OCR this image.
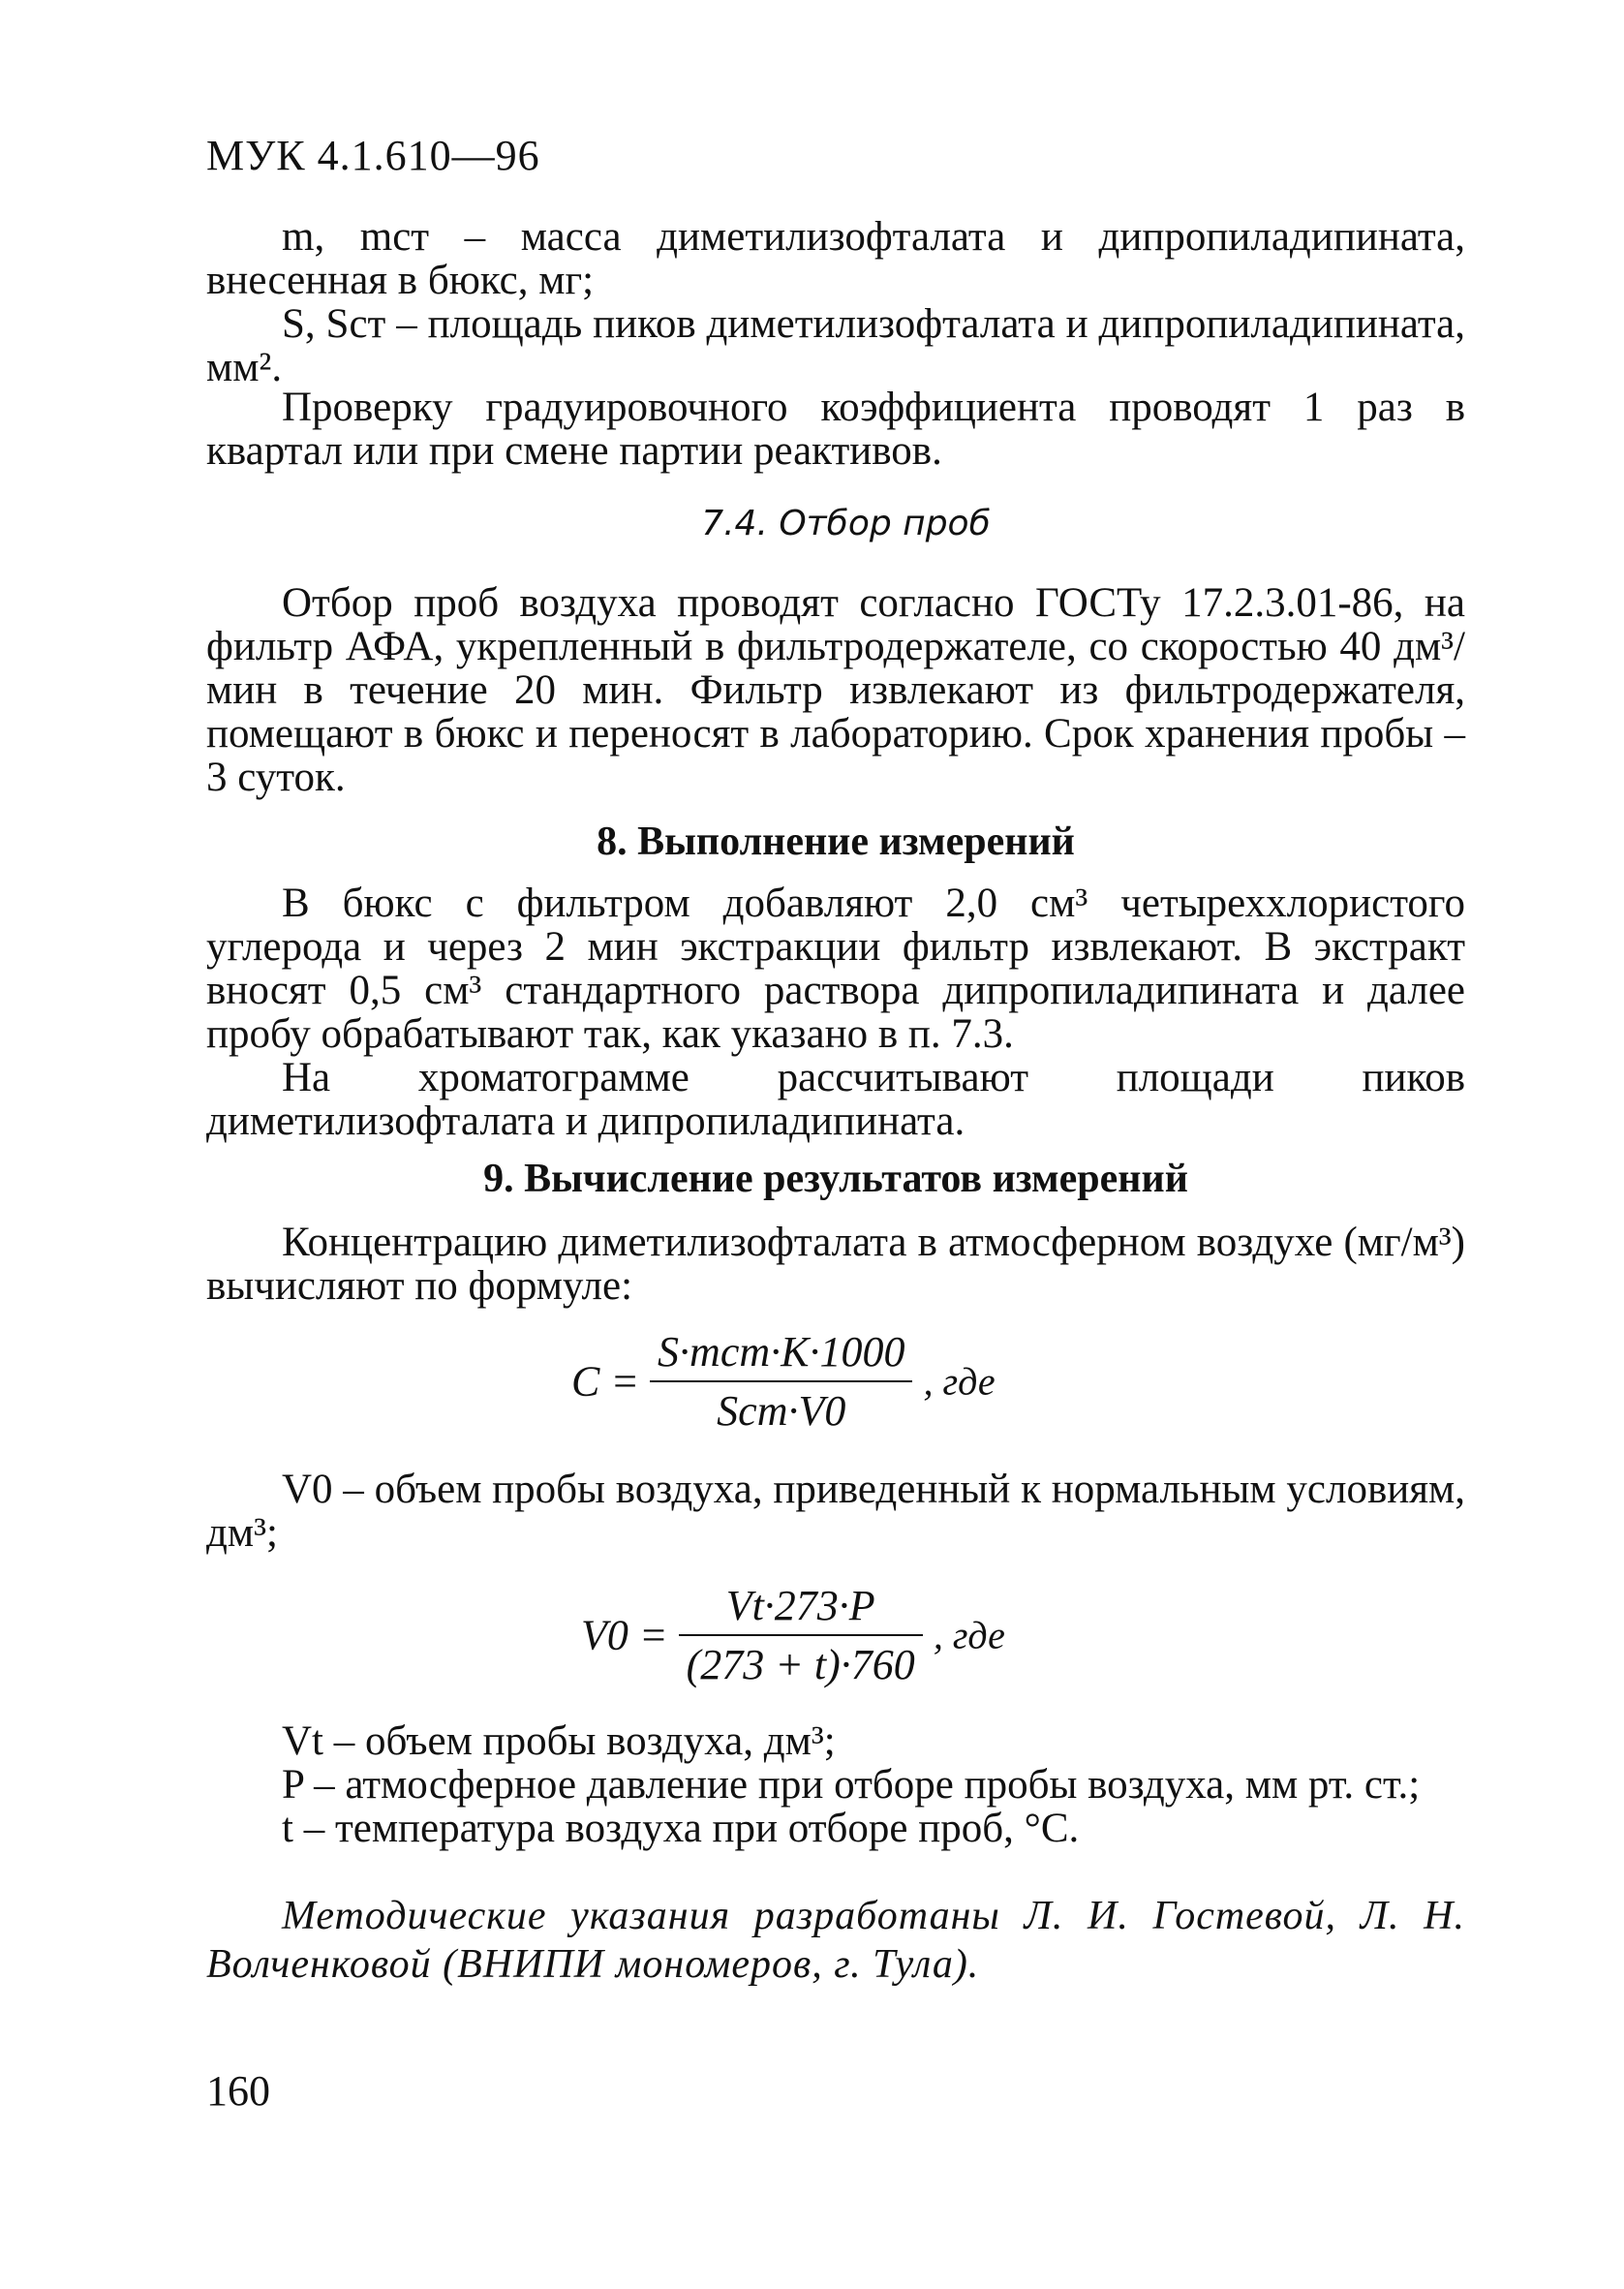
МУК 4.1.610—96

m, mст – масса диметилизофталата и дипропиладипината, внесенная в бюкс, мг;

S, Sст – площадь пиков диметилизофталата и дипропиладипината, мм².

Проверку градуировочного коэффициента проводят 1 раз в квартал или при смене партии реактивов.

7.4. Отбор проб

Отбор проб воздуха проводят согласно ГОСТу 17.2.3.01-86, на фильтр АФА, укрепленный в фильтродержателе, со скоростью 40 дм³/мин в течение 20 мин. Фильтр извлекают из фильтродержателя, помещают в бюкс и переносят в лабораторию. Срок хранения пробы – 3 суток.

8. Выполнение измерений

В бюкс с фильтром добавляют 2,0 см³ четыреххлористого углерода и через 2 мин экстракции фильтр извлекают. В экстракт вносят 0,5 см³ стандартного раствора дипропиладипината и далее пробу обрабатывают так, как указано в п. 7.3.

На хроматограмме рассчитывают площади пиков диметилизофталата и дипропиладипината.

9. Вычисление результатов измерений

Концентрацию диметилизофталата в атмосферном воздухе (мг/м³) вычисляют по формуле:

$C = \frac{\text{S·mcm·K·1000}}{\text{Scm·V0}}$ , где

V0 – объем пробы воздуха, приведенный к нормальным условиям, дм³;

$V0 = \frac{Vt\cdot 273\cdot P}{(273 + t)\cdot 760}$ , где

Vt – объем пробы воздуха, дм³;

P – атмосферное давление при отборе пробы воздуха, мм рт. ст.;

t – температура воздуха при отборе проб, °С.

Методические указания разработаны Л. И. Гостевой, Л. Н. Волченковой (ВНИПИ мономеров, г. Тула).

160
